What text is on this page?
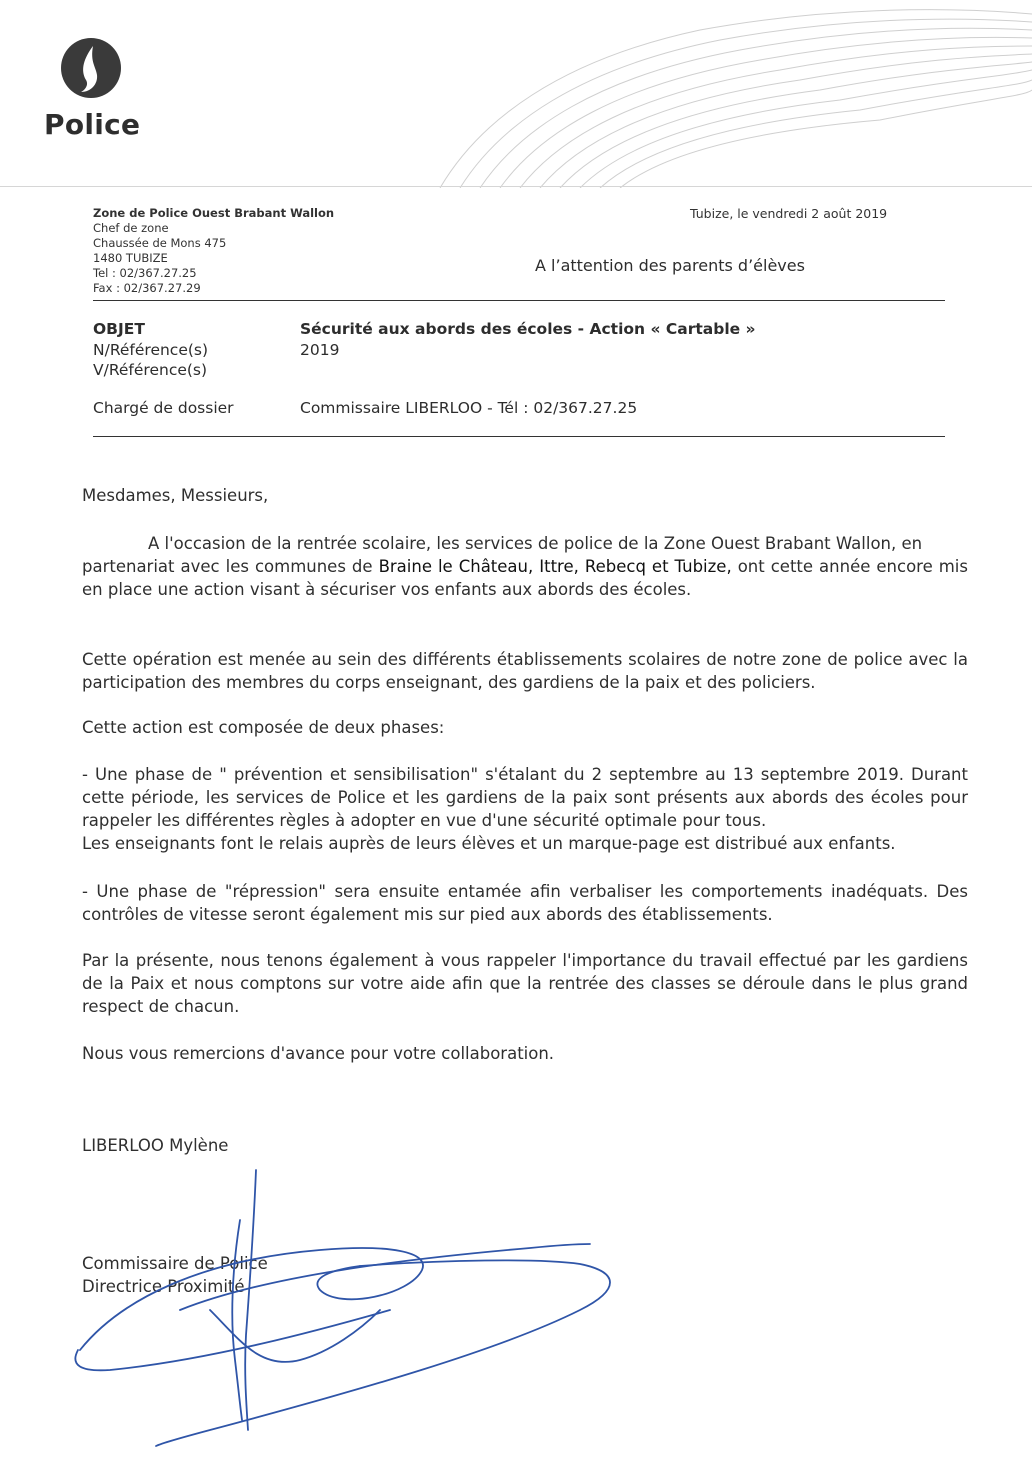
Police
Zone de Police Ouest Brabant Wallon
Chef de zone
Chaussée de Mons 475
1480 TUBIZE
Tel : 02/367.27.25
Fax : 02/367.27.29
Tubize, le vendredi 2 août 2019
A l’attention des parents d’élèves
OBJET	Sécurité aux abords des écoles - Action « Cartable »
N/Référence(s)	2019
V/Référence(s)
Chargé de dossier	Commissaire LIBERLOO - Tél : 02/367.27.25

Mesdames, Messieurs,

A l'occasion de la rentrée scolaire, les services de police de la Zone Ouest Brabant Wallon, en
partenariat avec les communes de Braine le Château, Ittre, Rebecq et Tubize, ont cette année encore mis en place une action visant à sécuriser vos enfants aux abords des écoles.

Cette opération est menée au sein des différents établissements scolaires de notre zone de police avec la participation des membres du corps enseignant, des gardiens de la paix et des policiers.

Cette action est composée de deux phases:

- Une phase de " prévention et sensibilisation" s'étalant du 2 septembre au 13 septembre 2019. Durant cette période, les services de Police et les gardiens de la paix sont présents aux abords des écoles pour rappeler les différentes règles à adopter en vue d'une sécurité optimale pour tous.
Les enseignants font le relais auprès de leurs élèves et un marque-page est distribué aux enfants.

- Une phase de "répression" sera ensuite entamée afin verbaliser les comportements inadéquats. Des contrôles de vitesse seront également mis sur pied aux abords des établissements.

Par la présente, nous tenons également à vous rappeler l'importance du travail effectué par les gardiens de la Paix et nous comptons sur votre aide afin que la rentrée des classes se déroule dans le plus grand respect de chacun.

Nous vous remercions d'avance pour votre collaboration.

LIBERLOO Mylène
Commissaire de Police
Directrice Proximité
